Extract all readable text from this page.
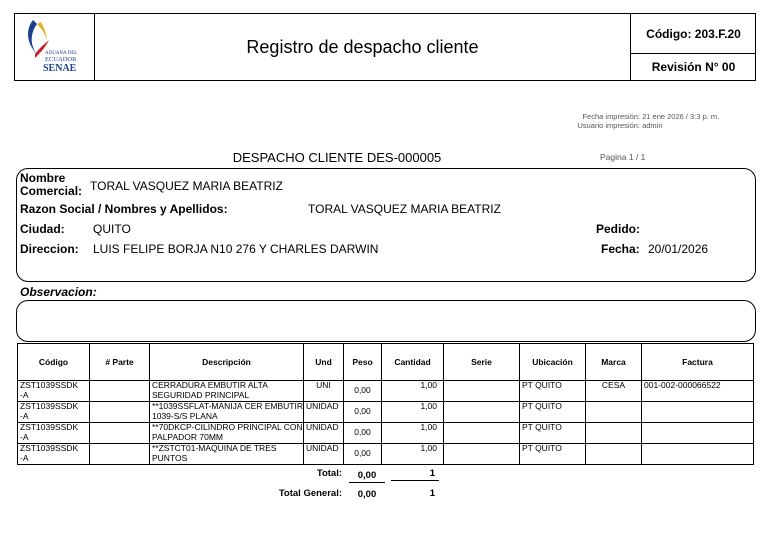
ADUANA DEL
ECUADOR
SENAE
Registro de despacho cliente
Código: 203.F.20
Revisión N° 00
Fecha impresión: 21 ene 2026 / 3:3 p. m.
Usuario impresión: admin
DESPACHO CLIENTE DES-000005	Pagina 1 / 1
Nombre
Comercial: TORAL VASQUEZ MARIA BEATRIZ
Razon Social / Nombres y Apellidos:	TORAL VASQUEZ MARIA BEATRIZ
Ciudad: QUITO	Pedido:
Direccion: LUIS FELIPE BORJA N10 276 Y CHARLES DARWIN	Fecha: 20/01/2026
Observacion:
Código	# Parte	Descripción	Und	Peso	Cantidad	Serie	Ubicación	Marca	Factura
ZST1039SSDK
-A		CERRADURA EMBUTIR ALTA SEGURIDAD PRINCIPAL	UNI	0,00	1,00		PT QUITO	CESA	001-002-000066522
ZST1039SSDK
-A		**1039SSFLAT-MANIJA CER EMBUTIR 1039-S/S PLANA	UNIDAD	0,00	1,00		PT QUITO		
ZST1039SSDK
-A		**70DKCP-CILINDRO PRINCIPAL CON PALPADOR 70MM	UNIDAD	0,00	1,00		PT QUITO		
ZST1039SSDK
-A		**ZSTCT01-MAQUINA DE TRES PUNTOS	UNIDAD	0,00	1,00		PT QUITO		
Total:	0,00	1
Total General:	0,00	1
